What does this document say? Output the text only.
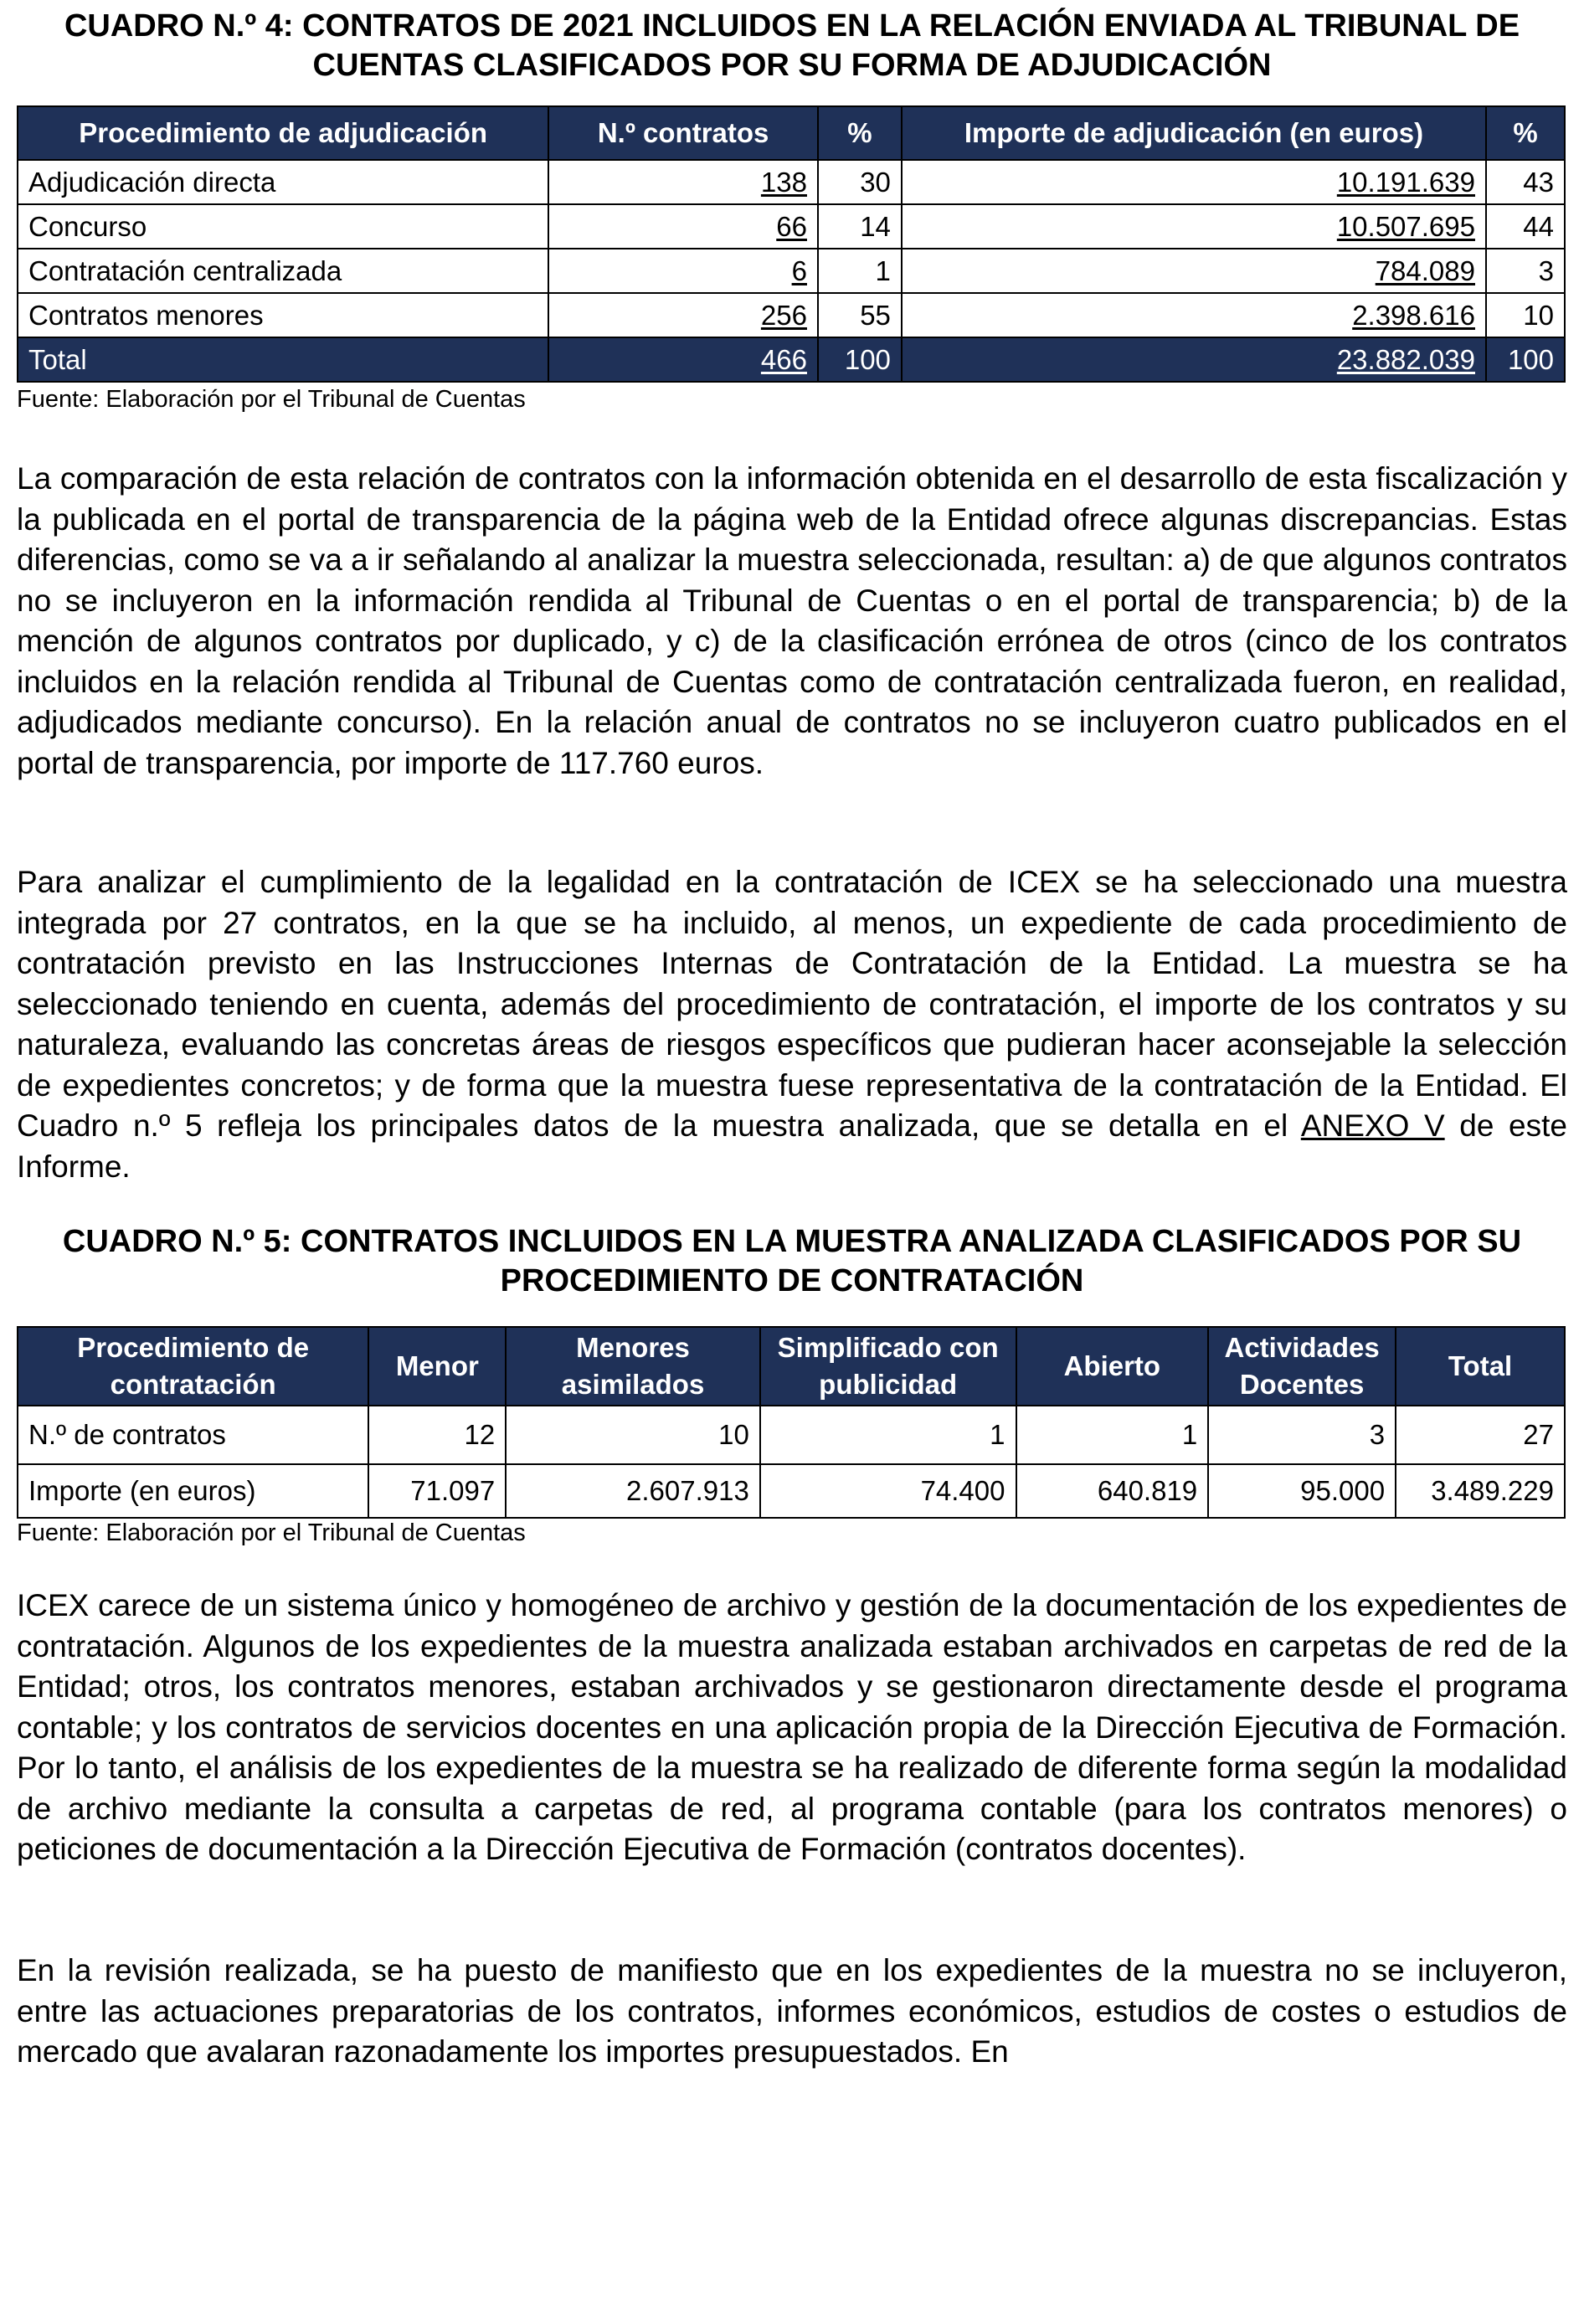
CUADRO N.º 4: CONTRATOS DE 2021 INCLUIDOS EN LA RELACIÓN ENVIADA AL TRIBUNAL DE CUENTAS CLASIFICADOS POR SU FORMA DE ADJUDICACIÓN
Procedimiento de adjudicación	N.º contratos	%	Importe de adjudicación (en euros)	%
Adjudicación directa	138	30	10.191.639	43
Concurso	66	14	10.507.695	44
Contratación centralizada	6	1	784.089	3
Contratos menores	256	55	2.398.616	10
Total	466	100	23.882.039	100
Fuente: Elaboración por el Tribunal de Cuentas

La comparación de esta relación de contratos con la información obtenida en el desarrollo de esta fiscalización y la publicada en el portal de transparencia de la página web de la Entidad ofrece algunas discrepancias. Estas diferencias, como se va a ir señalando al analizar la muestra seleccionada, resultan: a) de que algunos contratos no se incluyeron en la información rendida al Tribunal de Cuentas o en el portal de transparencia; b) de la mención de algunos contratos por duplicado, y c) de la clasificación errónea de otros (cinco de los contratos incluidos en la relación rendida al Tribunal de Cuentas como de contratación centralizada fueron, en realidad, adjudicados mediante concurso). En la relación anual de contratos no se incluyeron cuatro publicados en el portal de transparencia, por importe de 117.760 euros.

Para analizar el cumplimiento de la legalidad en la contratación de ICEX se ha seleccionado una muestra integrada por 27 contratos, en la que se ha incluido, al menos, un expediente de cada procedimiento de contratación previsto en las Instrucciones Internas de Contratación de la Entidad. La muestra se ha seleccionado teniendo en cuenta, además del procedimiento de contratación, el importe de los contratos y su naturaleza, evaluando las concretas áreas de riesgos específicos que pudieran hacer aconsejable la selección de expedientes concretos; y de forma que la muestra fuese representativa de la contratación de la Entidad. El Cuadro n.º 5 refleja los principales datos de la muestra analizada, que se detalla en el ANEXO V de este Informe.

CUADRO N.º 5: CONTRATOS INCLUIDOS EN LA MUESTRA ANALIZADA CLASIFICADOS POR SU PROCEDIMIENTO DE CONTRATACIÓN
Procedimiento de contratación	Menor	Menores asimilados	Simplificado con publicidad	Abierto	Actividades Docentes	Total
N.º de contratos	12	10	1	1	3	27
Importe (en euros)	71.097	2.607.913	74.400	640.819	95.000	3.489.229
Fuente: Elaboración por el Tribunal de Cuentas

ICEX carece de un sistema único y homogéneo de archivo y gestión de la documentación de los expedientes de contratación. Algunos de los expedientes de la muestra analizada estaban archivados en carpetas de red de la Entidad; otros, los contratos menores, estaban archivados y se gestionaron directamente desde el programa contable; y los contratos de servicios docentes en una aplicación propia de la Dirección Ejecutiva de Formación. Por lo tanto, el análisis de los expedientes de la muestra se ha realizado de diferente forma según la modalidad de archivo mediante la consulta a carpetas de red, al programa contable (para los contratos menores) o peticiones de documentación a la Dirección Ejecutiva de Formación (contratos docentes).

En la revisión realizada, se ha puesto de manifiesto que en los expedientes de la muestra no se incluyeron, entre las actuaciones preparatorias de los contratos, informes económicos, estudios de costes o estudios de mercado que avalaran razonadamente los importes presupuestados. En
